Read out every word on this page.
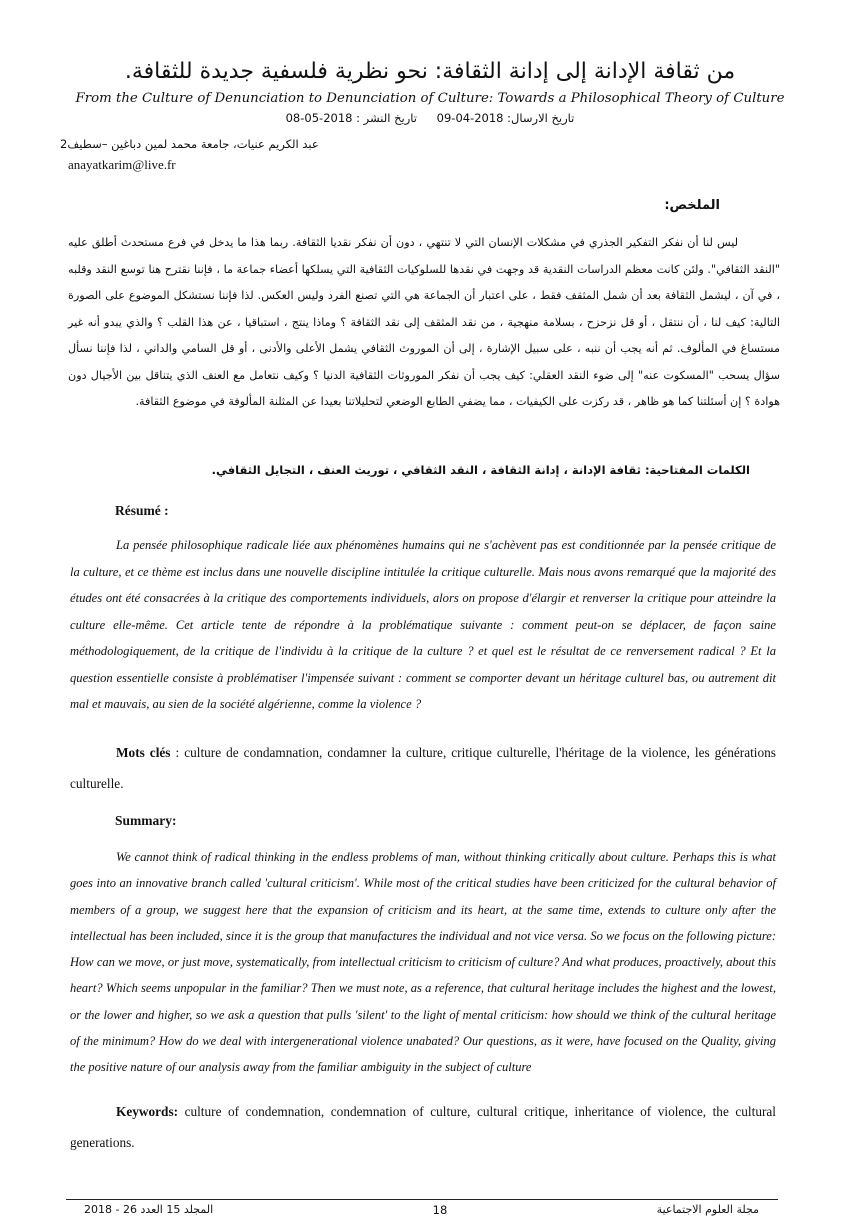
من ثقافة الإدانة إلى إدانة الثقافة: نحو نظرية فلسفية جديدة للثقافة.
From the Culture of Denunciation to Denunciation of Culture: Towards a Philosophical Theory of Culture
تاريخ الارسال: 2018-04-09 تاريخ النشر : 2018-05-08
عبد الكريم عنيات، جامعة محمد لمين دباغين –سطيف2
anayatkarim@live.fr
الملخص:
ليس لنا أن نفكر التفكير الجذري في مشكلات الإنسان التي لا تنتهي ، دون أن نفكر نقديا الثقافة. ربما هذا ما يدخل في فرع مستحدث أطلق عليه "النقد الثقافي". ولئن كانت معظم الدراسات النقدية قد وجهت في نقدها للسلوكيات الثقافية التي يسلكها أعضاء جماعة ما ، فإننا نقترح هنا توسع النقد وقلبه ، في آن ، ليشمل الثقافة بعد أن شمل المثقف فقط ، على اعتبار أن الجماعة هي التي تصنع الفرد وليس العكس. لذا فإننا نستشكل الموضوع على الصورة التالية: كيف لنا ، أن ننتقل ، أو قل نزحزح ، بسلامة منهجية ، من نقد المثقف إلى نقد الثقافة ؟ وماذا ينتج ، استباقيا ، عن هذا القلب ؟ والذي يبدو أنه غير مستساغ في المألوف. ثم أنه يجب أن ننبه ، على سبيل الإشارة ، إلى أن الموروث الثقافي يشمل الأعلى والأدنى ، أو قل السامي والداني ، لذا فإننا نسأل سؤال يسحب "المسكوت عنه" إلى ضوء النقد العقلي: كيف يجب أن نفكر الموروثات الثقافية الدنيا ؟ وكيف نتعامل مع العنف الذي يتناقل بين الأجيال دون هوادة ؟ إن أسئلتنا كما هو ظاهر ، قد ركزت على الكيفيات ، مما يضفي الطابع الوضعي لتحليلاتنا بعيدا عن المثلنة المألوفة في موضوع الثقافة.
الكلمات المفتاحية: ثقافة الإدانة ، إدانة الثقافة ، النقد الثقافي ، توريث العنف ، التجايل الثقافي.
Résumé :
La pensée philosophique radicale liée aux phénomènes humains qui ne s'achèvent pas est conditionnée par la pensée critique de la culture, et ce thème est inclus dans une nouvelle discipline intitulée la critique culturelle. Mais nous avons remarqué que la majorité des études ont été consacrées à la critique des comportements individuels, alors on propose d'élargir et renverser la critique pour atteindre la culture elle-même. Cet article tente de répondre à la problématique suivante : comment peut-on se déplacer, de façon saine méthodologiquement, de la critique de l'individu à la critique de la culture ? et quel est le résultat de ce renversement radical ? Et la question essentielle consiste à problématiser l'impensée suivant : comment se comporter devant un héritage culturel bas, ou autrement dit mal et mauvais, au sien de la société algérienne, comme la violence ?
Mots clés : culture de condamnation, condamner la culture, critique culturelle, l'héritage de la violence, les générations culturelle.
Summary:
We cannot think of radical thinking in the endless problems of man, without thinking critically about culture. Perhaps this is what goes into an innovative branch called 'cultural criticism'. While most of the critical studies have been criticized for the cultural behavior of members of a group, we suggest here that the expansion of criticism and its heart, at the same time, extends to culture only after the intellectual has been included, since it is the group that manufactures the individual and not vice versa. So we focus on the following picture: How can we move, or just move, systematically, from intellectual criticism to criticism of culture? And what produces, proactively, about this heart? Which seems unpopular in the familiar? Then we must note, as a reference, that cultural heritage includes the highest and the lowest, or the lower and higher, so we ask a question that pulls 'silent' to the light of mental criticism: how should we think of the cultural heritage of the minimum? How do we deal with intergenerational violence unabated? Our questions, as it were, have focused on the Quality, giving the positive nature of our analysis away from the familiar ambiguity in the subject of culture
Keywords: culture of condemnation, condemnation of culture, cultural critique, inheritance of violence, the cultural generations.
المجلد 15 العدد 26 - 2018	18	مجلة العلوم الاجتماعية
